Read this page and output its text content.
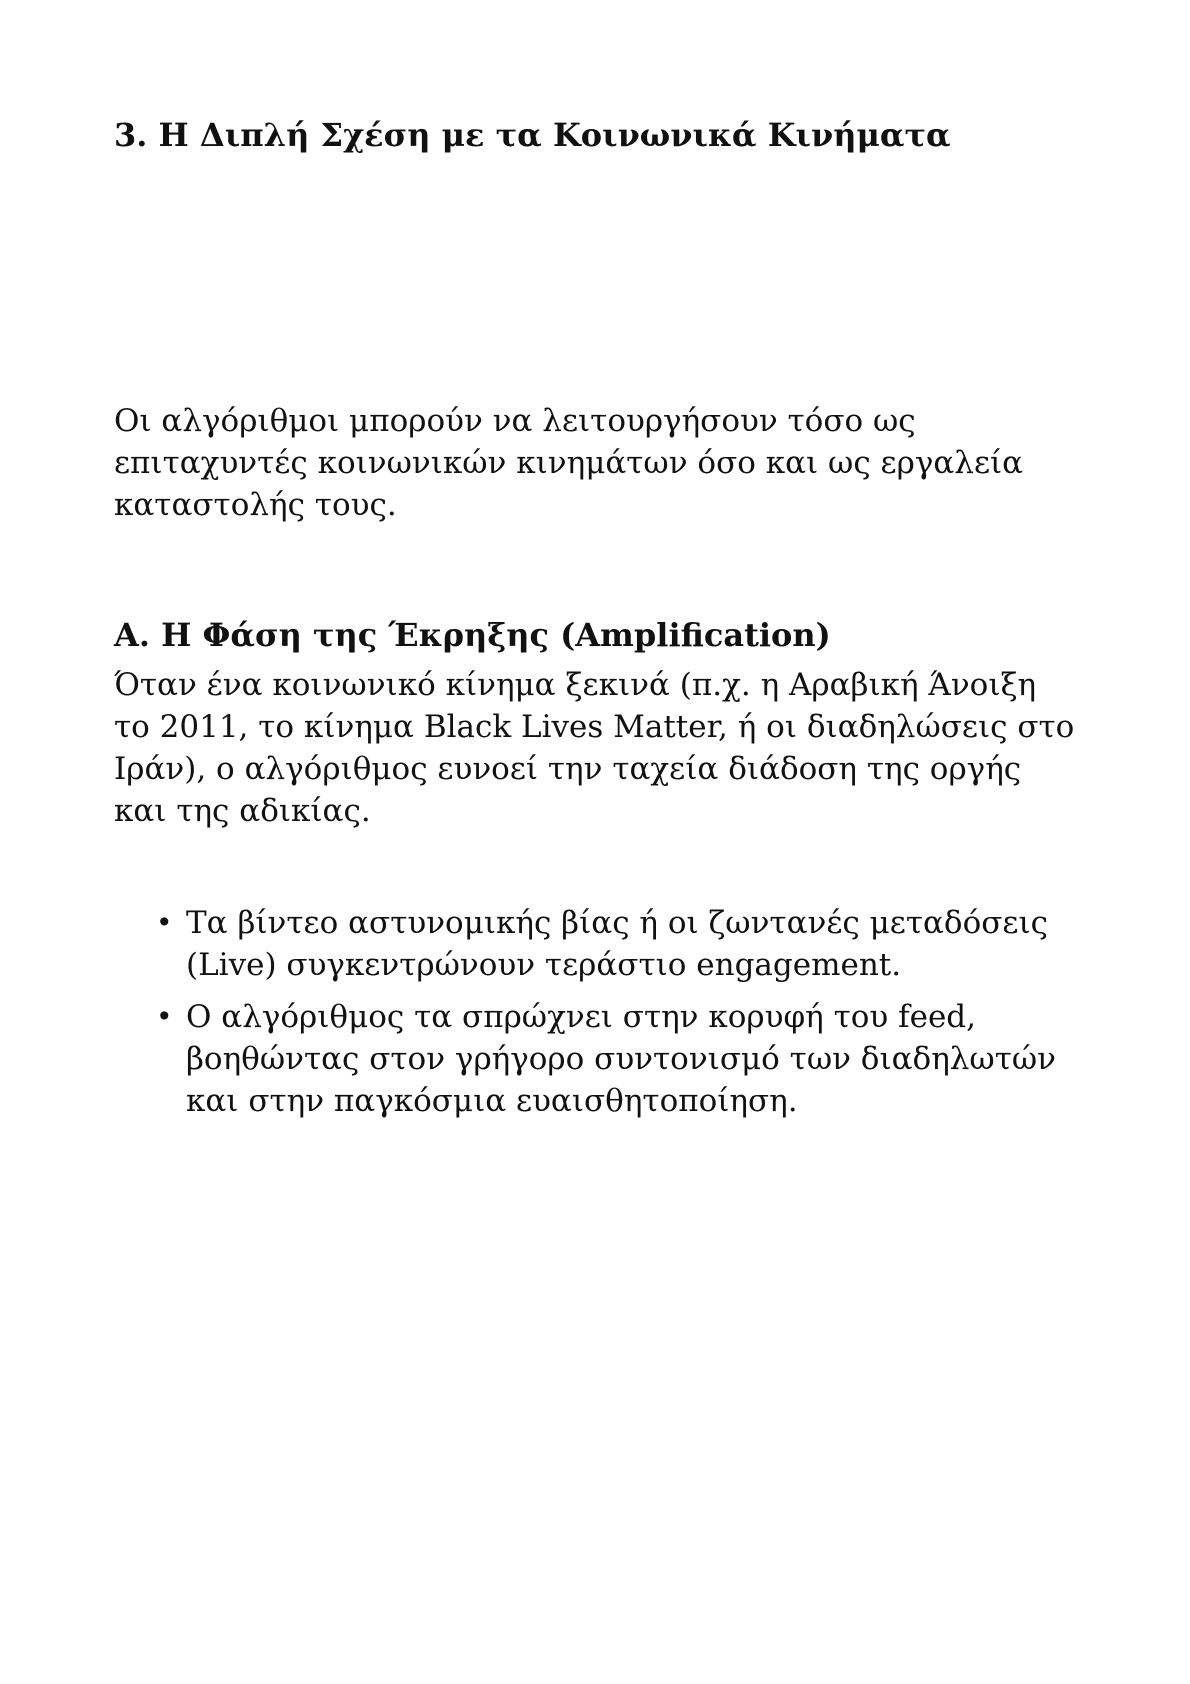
3. Η Διπλή Σχέση με τα Κοινωνικά Κινήματα

Οι αλγόριθμοι μπορούν να λειτουργήσουν τόσο ως
επιταχυντές κοινωνικών κινημάτων όσο και ως εργαλεία
καταστολής τους.

Α. Η Φάση της Έκρηξης (Amplification)

Όταν ένα κοινωνικό κίνημα ξεκινά (π.χ. η Αραβική Άνοιξη
το 2011, το κίνημα Black Lives Matter, ή οι διαδηλώσεις στο
Ιράν), ο αλγόριθμος ευνοεί την ταχεία διάδοση της οργής
και της αδικίας.

• Τα βίντεο αστυνομικής βίας ή οι ζωντανές μεταδόσεις
(Live) συγκεντρώνουν τεράστιο engagement.
• Ο αλγόριθμος τα σπρώχνει στην κορυφή του feed,
βοηθώντας στον γρήγορο συντονισμό των διαδηλωτών
και στην παγκόσμια ευαισθητοποίηση.
